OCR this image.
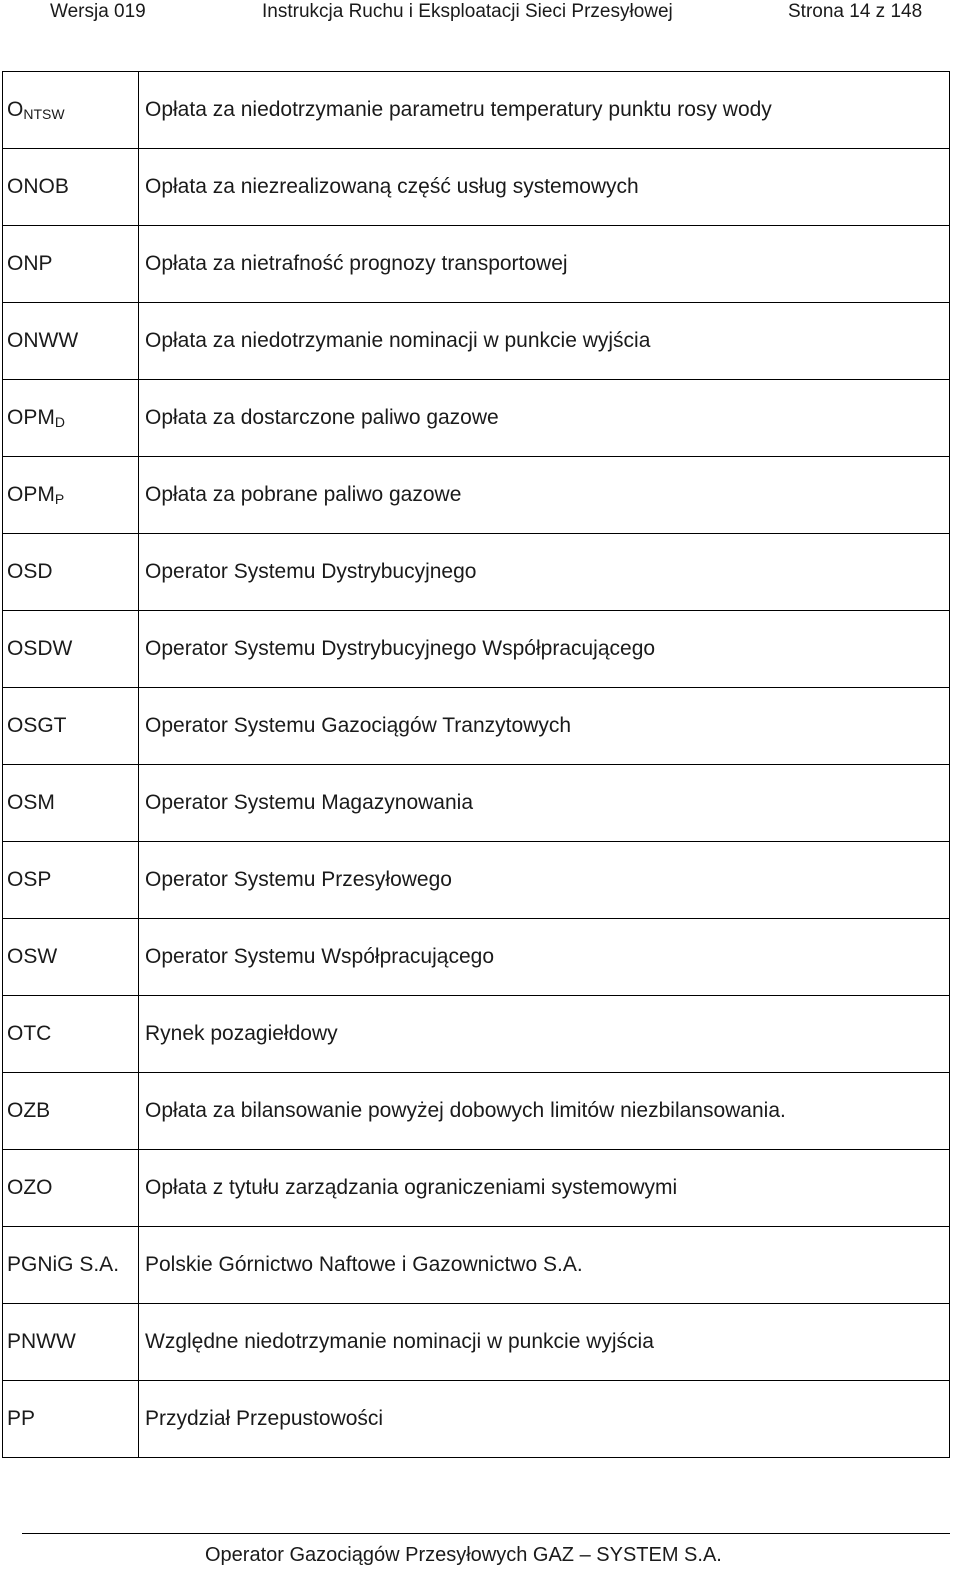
Wersja 019	Instrukcja Ruchu i Eksploatacji Sieci Przesyłowej	Strona 14 z 148
$O_{NTSW}$	Opłata za niedotrzymanie parametru temperatury punktu rosy wody
ONOB	Opłata za niezrealizowaną część usług systemowych
ONP	Opłata za nietrafność prognozy transportowej
ONWW	Opłata za niedotrzymanie nominacji w punkcie wyjścia
$OPM_D$	Opłata za dostarczone paliwo gazowe
$OPM_P$	Opłata za pobrane paliwo gazowe
OSD	Operator Systemu Dystrybucyjnego
OSDW	Operator Systemu Dystrybucyjnego Współpracującego
OSGT	Operator Systemu Gazociągów Tranzytowych
OSM	Operator Systemu Magazynowania
OSP	Operator Systemu Przesyłowego
OSW	Operator Systemu Współpracującego
OTC	Rynek pozagiełdowy
OZB	Opłata za bilansowanie powyżej dobowych limitów niezbilansowania.
OZO	Opłata z tytułu zarządzania ograniczeniami systemowymi
PGNiG S.A.	Polskie Górnictwo Naftowe i Gazownictwo S.A.
PNWW	Względne niedotrzymanie nominacji w punkcie wyjścia
PP	Przydział Przepustowości
Operator Gazociągów Przesyłowych GAZ – SYSTEM S.A.
